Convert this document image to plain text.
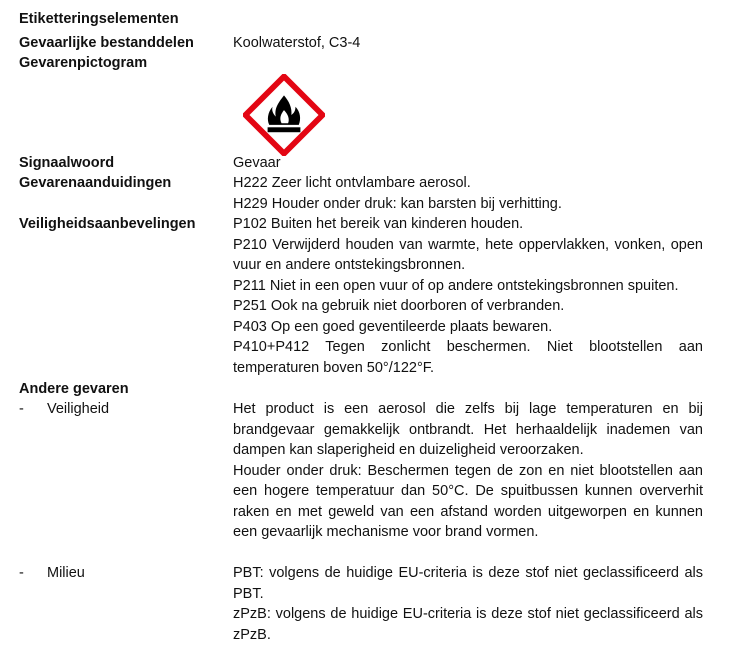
Etiketteringselementen
Gevaarlijke bestanddelen	Koolwaterstof, C3-4
Gevarenpictogram
Signaalwoord	Gevaar
Gevarenaanduidingen	H222 Zeer licht ontvlambare aerosol.
H229 Houder onder druk: kan barsten bij verhitting.
Veiligheidsaanbevelingen	P102 Buiten het bereik van kinderen houden.
P210 Verwijderd houden van warmte, hete oppervlakken, vonken, open vuur en andere ontstekingsbronnen.
P211 Niet in een open vuur of op andere ontstekingsbronnen spuiten.
P251 Ook na gebruik niet doorboren of verbranden.
P403 Op een goed geventileerde plaats bewaren.
P410+P412 Tegen zonlicht beschermen. Niet blootstellen aan temperaturen boven 50°/122°F.
Andere gevaren
- Veiligheid	Het product is een aerosol die zelfs bij lage temperaturen en bij brandgevaar gemakkelijk ontbrandt. Het herhaaldelijk inademen van dampen kan slaperigheid en duizeligheid veroorzaken.
Houder onder druk: Beschermen tegen de zon en niet blootstellen aan een hogere temperatuur dan 50°C. De spuitbussen kunnen oververhit raken en met geweld van een afstand worden uitgeworpen en kunnen een gevaarlijk mechanisme voor brand vormen.
- Milieu	PBT: volgens de huidige EU-criteria is deze stof niet geclassificeerd als PBT.
zPzB: volgens de huidige EU-criteria is deze stof niet geclassificeerd als zPzB.
